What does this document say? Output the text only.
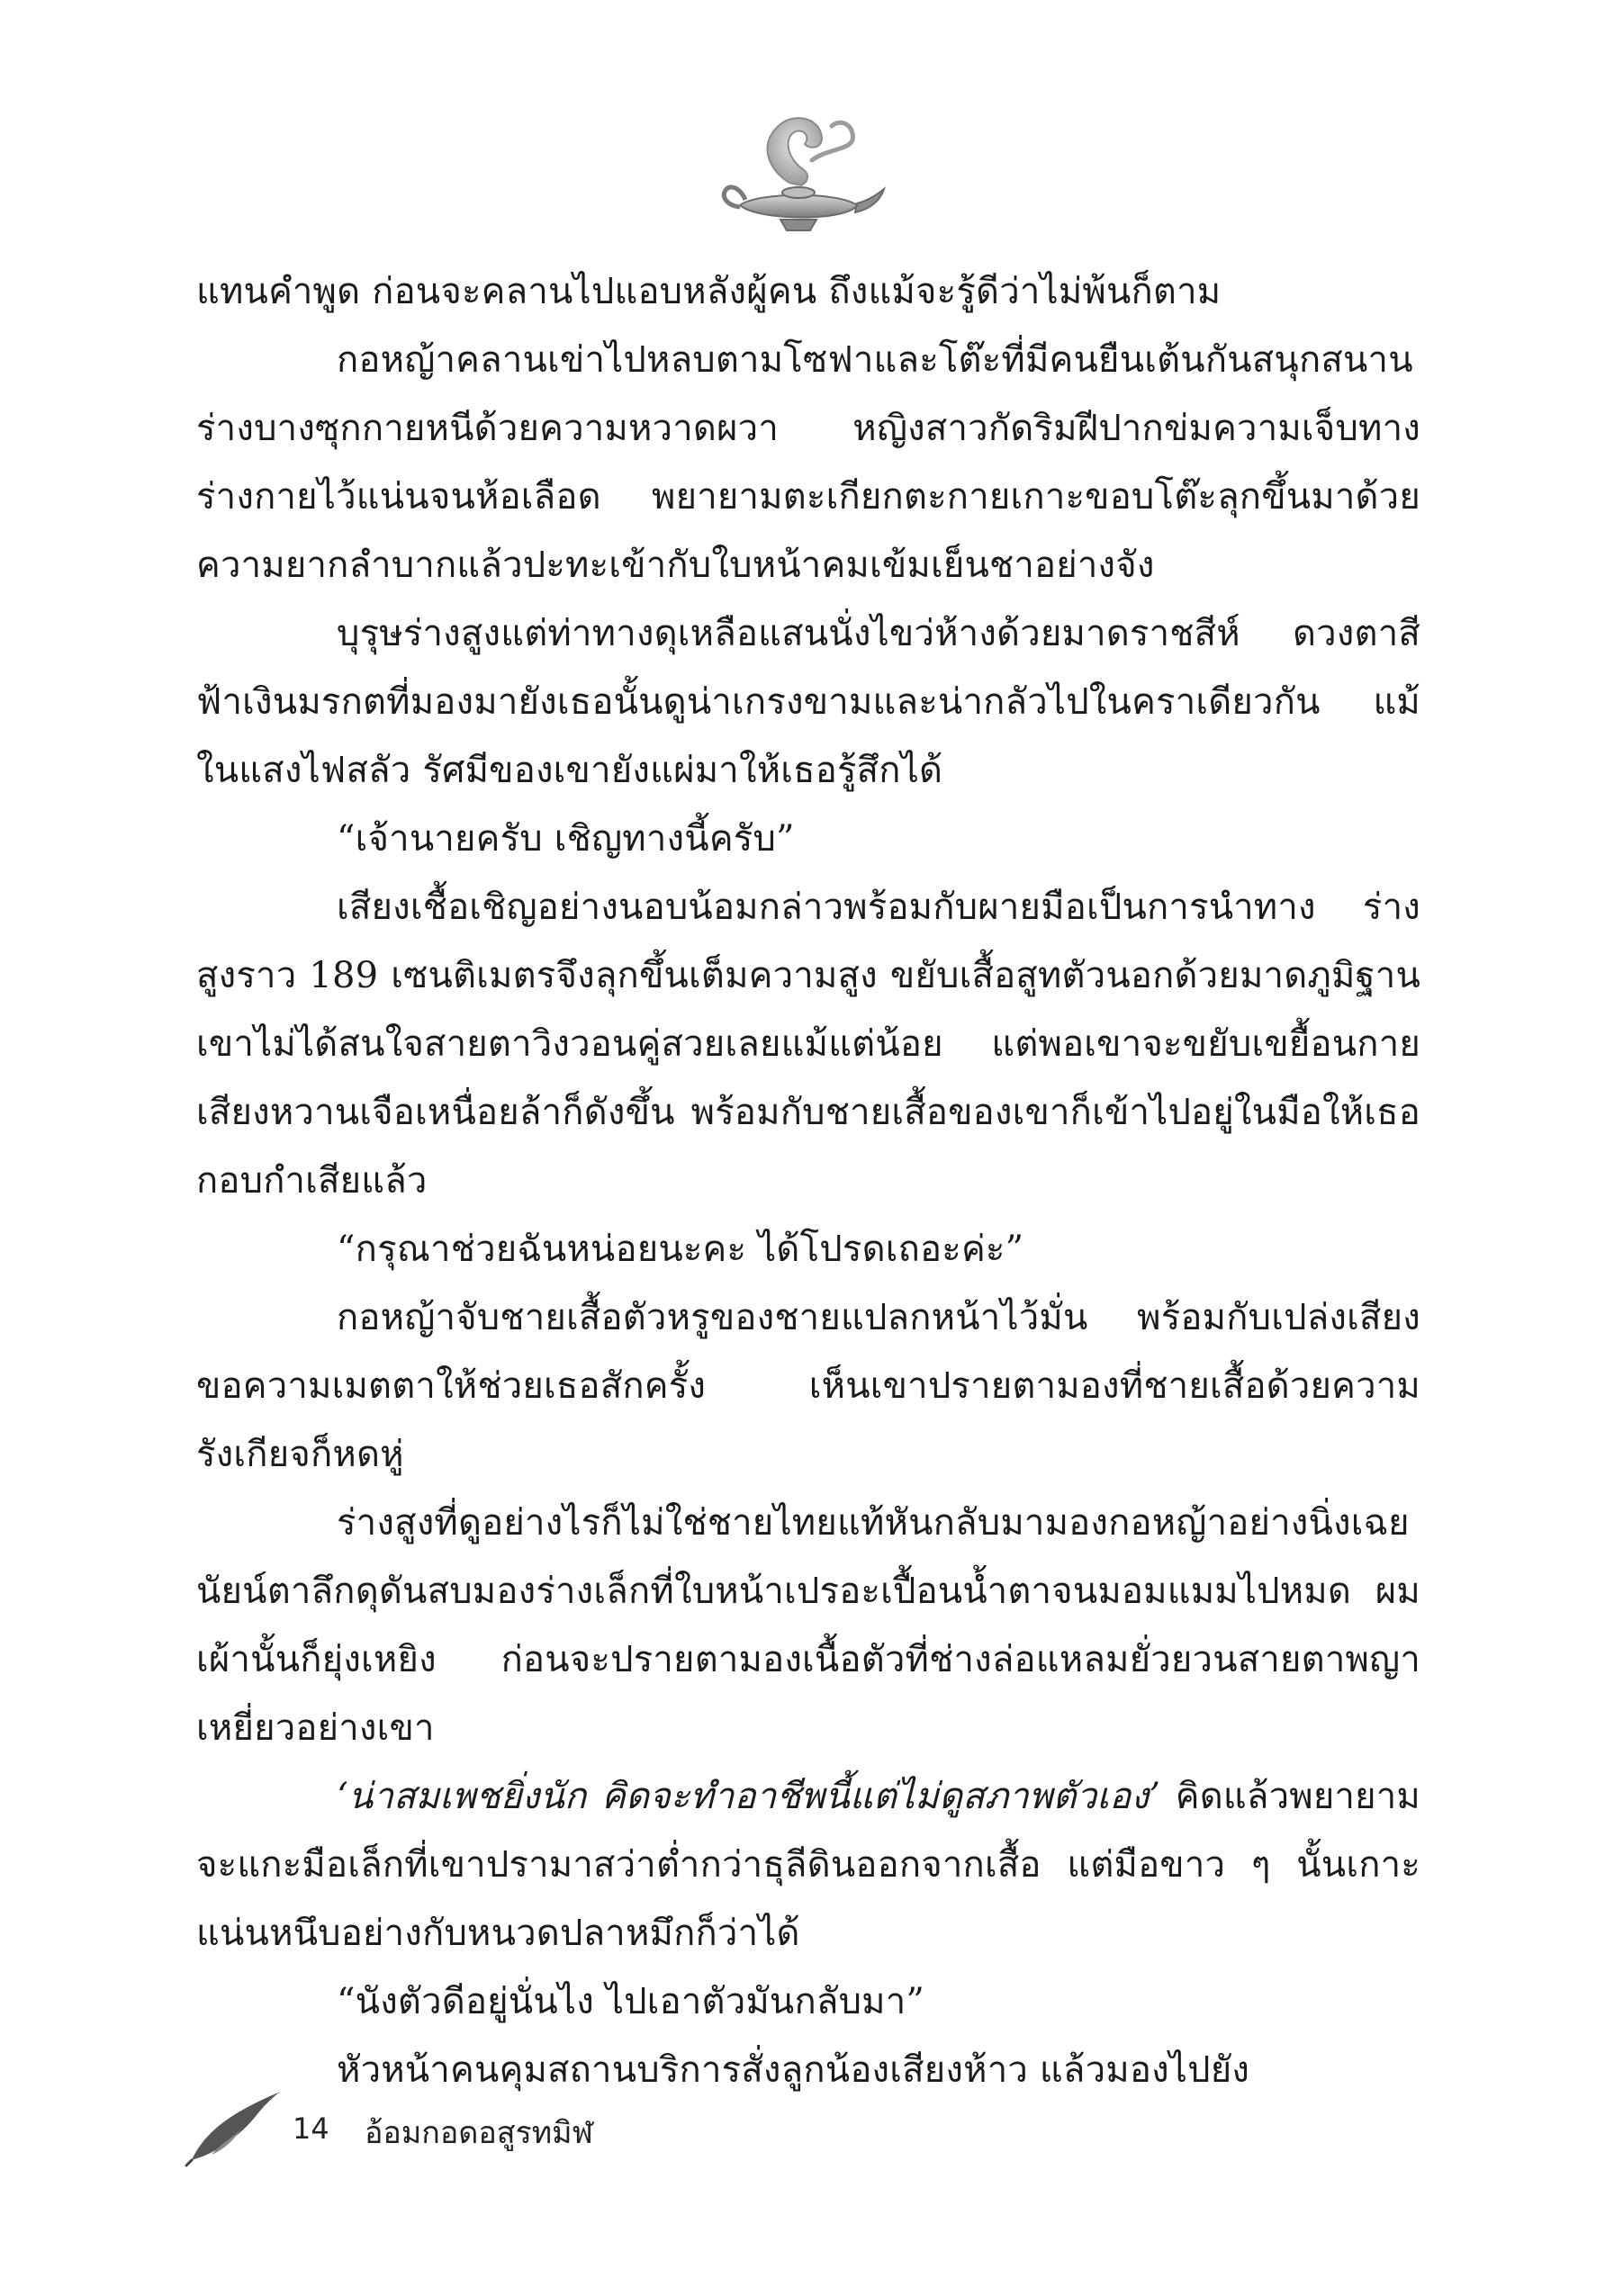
แทนคำพูด ก่อนจะคลานไปแอบหลังผู้คน ถึงแม้จะรู้ดีว่าไม่พ้นก็ตาม

กอหญ้าคลานเข่าไปหลบตามโซฟาและโต๊ะที่มีคนยืนเต้นกันสนุกสนาน ร่างบางซุกกายหนีด้วยความหวาดผวา หญิงสาวกัดริมฝีปากข่มความเจ็บทางร่างกายไว้แน่นจนห้อเลือด พยายามตะเกียกตะกายเกาะขอบโต๊ะลุกขึ้นมาด้วยความยากลำบากแล้วปะทะเข้ากับใบหน้าคมเข้มเย็นชาอย่างจัง

บุรุษร่างสูงแต่ท่าทางดุเหลือแสนนั่งไขว่ห้างด้วยมาดราชสีห์ ดวงตาสีฟ้าเงินมรกตที่มองมายังเธอนั้นดูน่าเกรงขามและน่ากลัวไปในคราเดียวกัน แม้ในแสงไฟสลัว รัศมีของเขายังแผ่มาให้เธอรู้สึกได้

“เจ้านายครับ เชิญทางนี้ครับ”

เสียงเชื้อเชิญอย่างนอบน้อมกล่าวพร้อมกับผายมือเป็นการนำทาง ร่างสูงราว 189 เซนติเมตรจึงลุกขึ้นเต็มความสูง ขยับเสื้อสูทตัวนอกด้วยมาดภูมิฐาน เขาไม่ได้สนใจสายตาวิงวอนคู่สวยเลยแม้แต่น้อย แต่พอเขาจะขยับเขยื้อนกาย เสียงหวานเจือเหนื่อยล้าก็ดังขึ้น พร้อมกับชายเสื้อของเขาก็เข้าไปอยู่ในมือให้เธอกอบกำเสียแล้ว

“กรุณาช่วยฉันหน่อยนะคะ ได้โปรดเถอะค่ะ”

กอหญ้าจับชายเสื้อตัวหรูของชายแปลกหน้าไว้มั่น พร้อมกับเปล่งเสียงขอความเมตตาให้ช่วยเธอสักครั้ง เห็นเขาปรายตามองที่ชายเสื้อด้วยความรังเกียจก็หดหู่

ร่างสูงที่ดูอย่างไรก็ไม่ใช่ชายไทยแท้หันกลับมามองกอหญ้าอย่างนิ่งเฉย นัยน์ตาลึกดุดันสบมองร่างเล็กที่ใบหน้าเปรอะเปื้อนน้ำตาจนมอมแมมไปหมด ผมเผ้านั้นก็ยุ่งเหยิง ก่อนจะปรายตามองเนื้อตัวที่ช่างล่อแหลมยั่วยวนสายตาพญาเหยี่ยวอย่างเขา

‘น่าสมเพชยิ่งนัก คิดจะทำอาชีพนี้แต่ไม่ดูสภาพตัวเอง’ คิดแล้วพยายามจะแกะมือเล็กที่เขาปรามาสว่าต่ำกว่าธุลีดินออกจากเสื้อ แต่มือขาว ๆ นั้นเกาะแน่นหนึบอย่างกับหนวดปลาหมึกก็ว่าได้

“นังตัวดีอยู่นั่นไง ไปเอาตัวมันกลับมา”

หัวหน้าคนคุมสถานบริการสั่งลูกน้องเสียงห้าว แล้วมองไปยัง

14 อ้อมกอดอสูรทมิฬ
